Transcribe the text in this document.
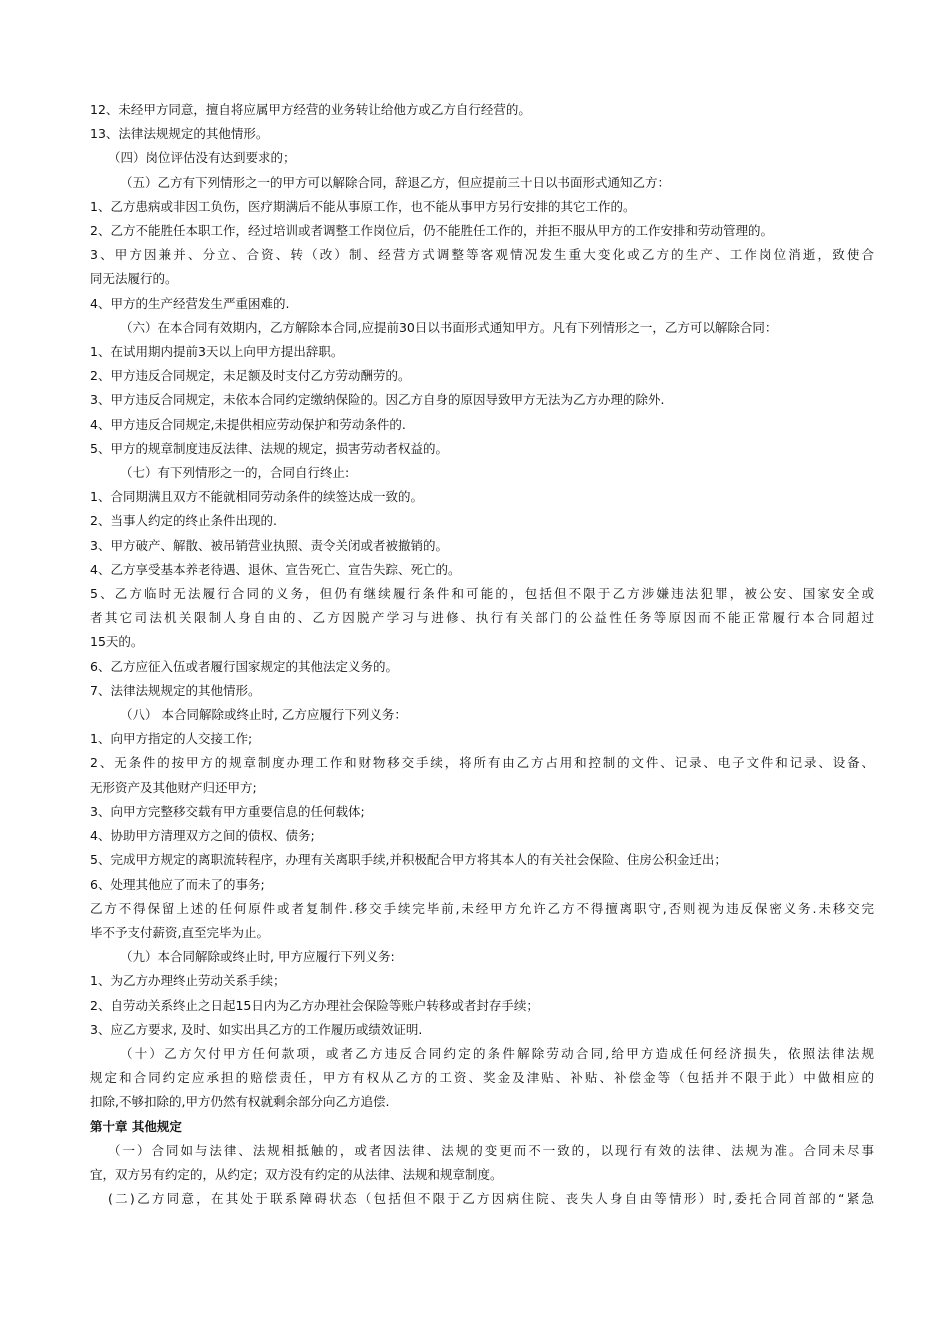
12、未经甲方同意，擅自将应属甲方经营的业务转让给他方或乙方自行经营的。
13、法律法规规定的其他情形。
（四）岗位评估没有达到要求的；
（五）乙方有下列情形之一的甲方可以解除合同，辞退乙方，但应提前三十日以书面形式通知乙方：
1、乙方患病或非因工负伤，医疗期满后不能从事原工作，也不能从事甲方另行安排的其它工作的。
2、乙方不能胜任本职工作，经过培训或者调整工作岗位后，仍不能胜任工作的，并拒不服从甲方的工作安排和劳动管理的。
3、甲方因兼并、分立、合资、转（改）制、经营方式调整等客观情况发生重大变化或乙方的生产、工作岗位消逝，致使合
同无法履行的。
4、甲方的生产经营发生严重困难的.
（六）在本合同有效期内，乙方解除本合同,应提前30日以书面形式通知甲方。凡有下列情形之一，乙方可以解除合同：
1、在试用期内提前3天以上向甲方提出辞职。
2、甲方违反合同规定，未足额及时支付乙方劳动酬劳的。
3、甲方违反合同规定，未依本合同约定缴纳保险的。因乙方自身的原因导致甲方无法为乙方办理的除外.
4、甲方违反合同规定,未提供相应劳动保护和劳动条件的.
5、甲方的规章制度违反法律、法规的规定，损害劳动者权益的。
（七）有下列情形之一的，合同自行终止:
1、合同期满且双方不能就相同劳动条件的续签达成一致的。
2、当事人约定的终止条件出现的.
3、甲方破产、解散、被吊销营业执照、责令关闭或者被撤销的。
4、乙方享受基本养老待遇、退休、宣告死亡、宣告失踪、死亡的。
5、乙方临时无法履行合同的义务，但仍有继续履行条件和可能的，包括但不限于乙方涉嫌违法犯罪，被公安、国家安全或
者其它司法机关限制人身自由的、乙方因脱产学习与进修、执行有关部门的公益性任务等原因而不能正常履行本合同超过
15天的。
6、乙方应征入伍或者履行国家规定的其他法定义务的。
7、法律法规规定的其他情形。
（八） 本合同解除或终止时, 乙方应履行下列义务：
1、向甲方指定的人交接工作;
2、无条件的按甲方的规章制度办理工作和财物移交手续，将所有由乙方占用和控制的文件、记录、电子文件和记录、设备、
无形资产及其他财产归还甲方;
3、向甲方完整移交载有甲方重要信息的任何载体;
4、协助甲方清理双方之间的债权、债务;
5、完成甲方规定的离职流转程序，办理有关离职手续,并积极配合甲方将其本人的有关社会保险、住房公积金迁出；
6、处理其他应了而未了的事务;
乙方不得保留上述的任何原件或者复制件.移交手续完毕前,未经甲方允许乙方不得擅离职守,否则视为违反保密义务.未移交完
毕不予支付薪资,直至完毕为止。
（九）本合同解除或终止时, 甲方应履行下列义务:
1、为乙方办理终止劳动关系手续；
2、自劳动关系终止之日起15日内为乙方办理社会保险等账户转移或者封存手续；
3、应乙方要求, 及时、如实出具乙方的工作履历或绩效证明.
（十）乙方欠付甲方任何款项，或者乙方违反合同约定的条件解除劳动合同,给甲方造成任何经济损失，依照法律法规
规定和合同约定应承担的赔偿责任，甲方有权从乙方的工资、奖金及津贴、补贴、补偿金等（包括并不限于此）中做相应的
扣除,不够扣除的,甲方仍然有权就剩余部分向乙方追偿.
第十章 其他规定
（一）合同如与法律、法规相抵触的，或者因法律、法规的变更而不一致的，以现行有效的法律、法规为准。合同未尽事
宜，双方另有约定的，从约定；双方没有约定的从法律、法规和规章制度。
(二)乙方同意，在其处于联系障碍状态（包括但不限于乙方因病住院、丧失人身自由等情形）时,委托合同首部的“紧急
